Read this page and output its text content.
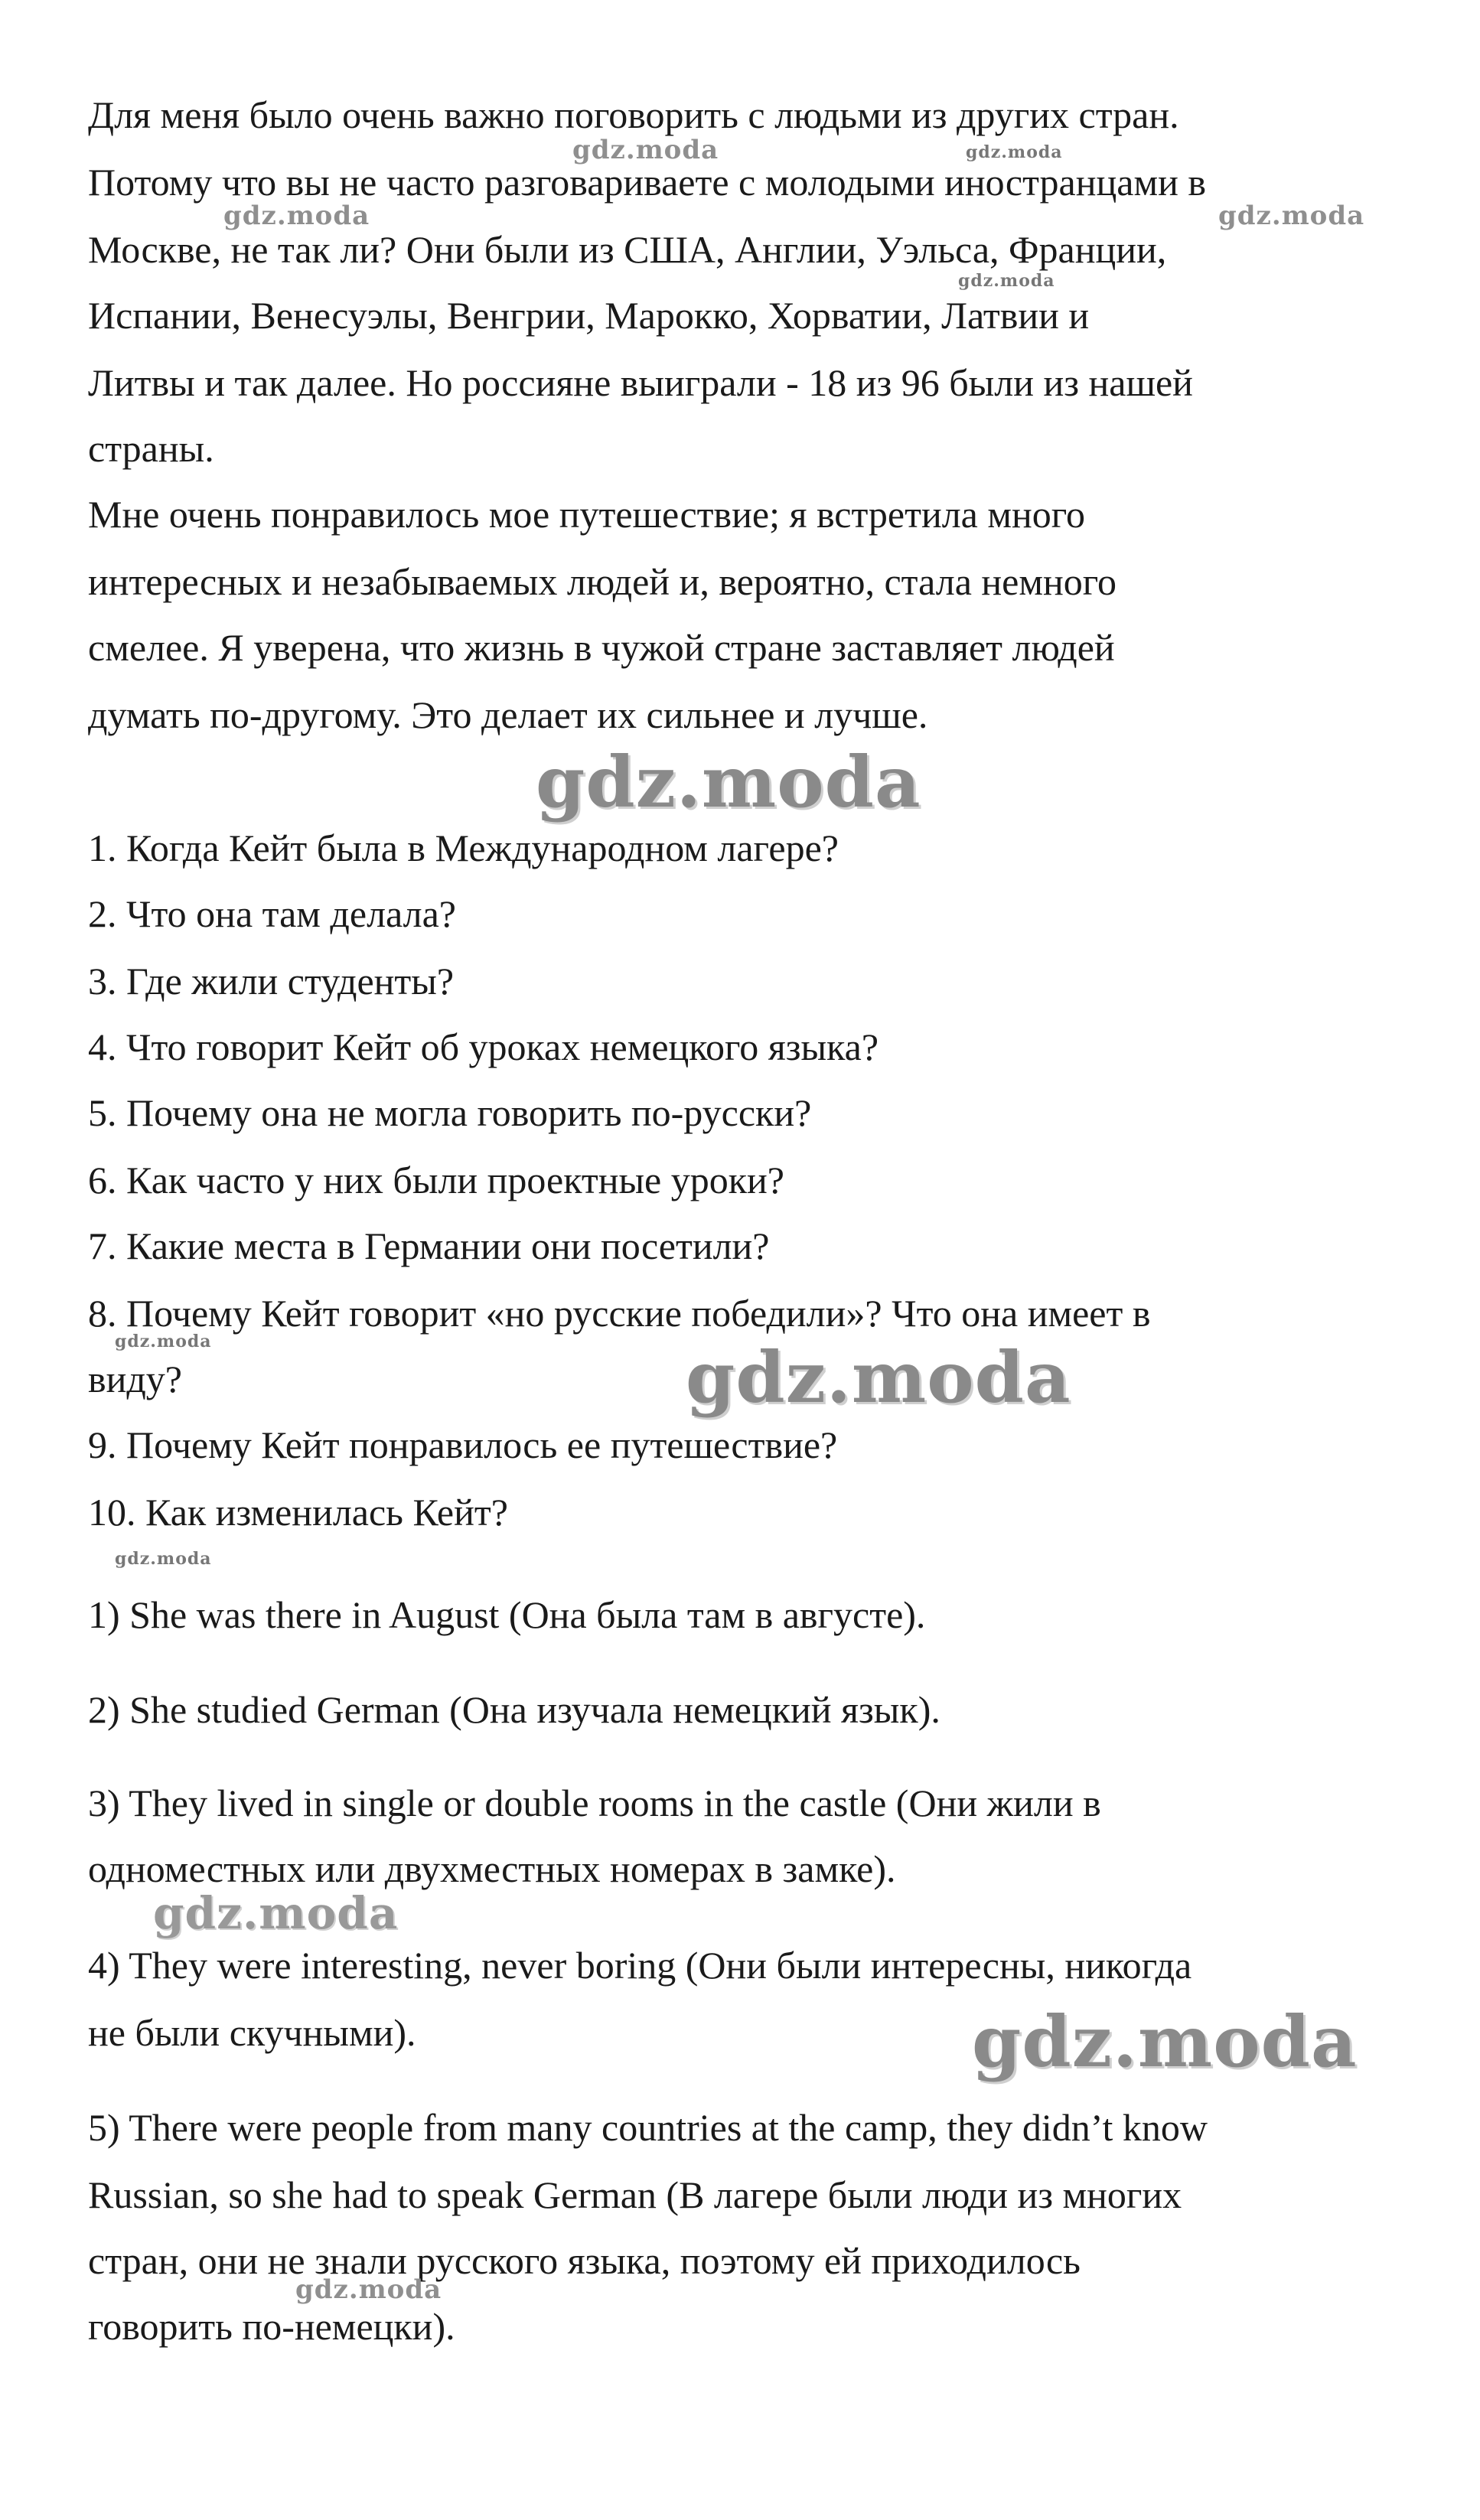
Для меня было очень важно поговорить с людьми из других стран.
Потому что вы не часто разговариваете с молодыми иностранцами в
Москве, не так ли? Они были из США, Англии, Уэльса, Франции,
Испании, Венесуэлы, Венгрии, Марокко, Хорватии, Латвии и
Литвы и так далее. Но россияне выиграли - 18 из 96 были из нашей
страны.
Мне очень понравилось мое путешествие; я встретила много
интересных и незабываемых людей и, вероятно, стала немного
смелее. Я уверена, что жизнь в чужой стране заставляет людей
думать по-другому. Это делает их сильнее и лучше.
1. Когда Кейт была в Международном лагере?
2. Что она там делала?
3. Где жили студенты?
4. Что говорит Кейт об уроках немецкого языка?
5. Почему она не могла говорить по-русски?
6. Как часто у них были проектные уроки?
7. Какие места в Германии они посетили?
8. Почему Кейт говорит «но русские победили»? Что она имеет в
виду?
9. Почему Кейт понравилось ее путешествие?
10. Как изменилась Кейт?
1) She was there in August (Она была там в августе).
2) She studied German (Она изучала немецкий язык).
3) They lived in single or double rooms in the castle (Они жили в
одноместных или двухместных номерах в замке).
4) They were interesting, never boring (Они были интересны, никогда
не были скучными).
5) There were people from many countries at the camp, they didn’t know
Russian, so she had to speak German (В лагере были люди из многих
стран, они не знали русского языка, поэтому ей приходилось
говорить по-немецки).
gdz.moda	gdz.moda
gdz.moda	gdz.moda
gdz.moda
gdz.moda
gdz.moda	gdz.moda
gdz.moda
gdz.moda
gdz.moda
gdz.moda
